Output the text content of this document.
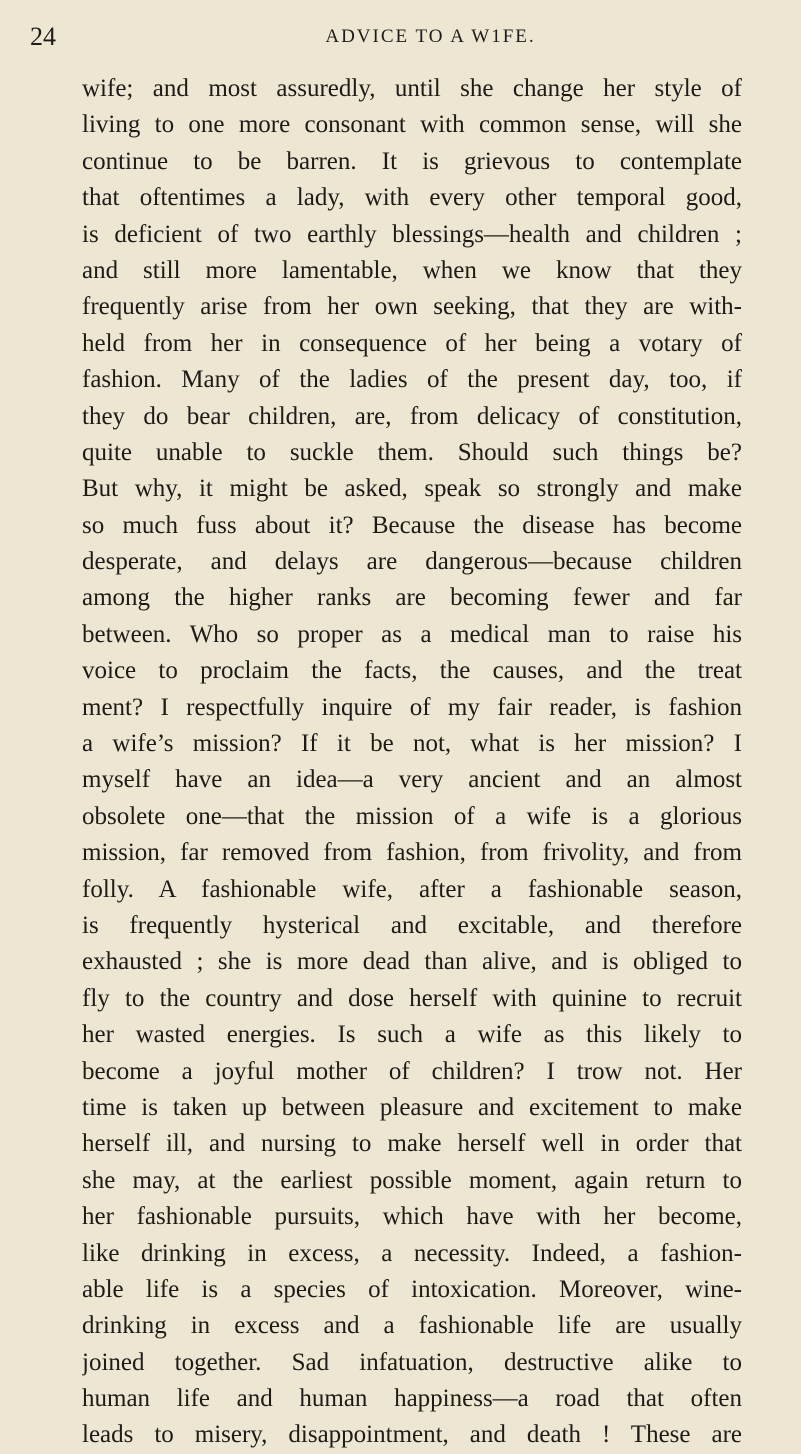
24	ADVICE TO A W1FE.
wife; and most assuredly, until she change her style of
living to one more consonant with common sense, will she
continue to be barren. It is grievous to contemplate
that oftentimes a lady, with every other temporal good,
is deficient of two earthly blessings—health and children ;
and still more lamentable, when we know that they
frequently arise from her own seeking, that they are with-
held from her in consequence of her being a votary of
fashion. Many of the ladies of the present day, too, if
they do bear children, are, from delicacy of constitution,
quite unable to suckle them. Should such things be?
But why, it might be asked, speak so strongly and make
so much fuss about it? Because the disease has become
desperate, and delays are dangerous—because children
among the higher ranks are becoming fewer and far
between. Who so proper as a medical man to raise his
voice to proclaim the facts, the causes, and the treat
ment? I respectfully inquire of my fair reader, is fashion
a wife’s mission? If it be not, what is her mission? I
myself have an idea—a very ancient and an almost
obsolete one—that the mission of a wife is a glorious
mission, far removed from fashion, from frivolity, and from
folly. A fashionable wife, after a fashionable season,
is frequently hysterical and excitable, and therefore
exhausted ; she is more dead than alive, and is obliged to
fly to the country and dose herself with quinine to recruit
her wasted energies. Is such a wife as this likely to
become a joyful mother of children? I trow not. Her
time is taken up between pleasure and excitement to make
herself ill, and nursing to make herself well in order that
she may, at the earliest possible moment, again return to
her fashionable pursuits, which have with her become,
like drinking in excess, a necessity. Indeed, a fashion-
able life is a species of intoxication. Moreover, wine-
drinking in excess and a fashionable life are usually
joined together. Sad infatuation, destructive alike to
human life and human happiness—a road that often
leads to misery, disappointment, and death ! These are
